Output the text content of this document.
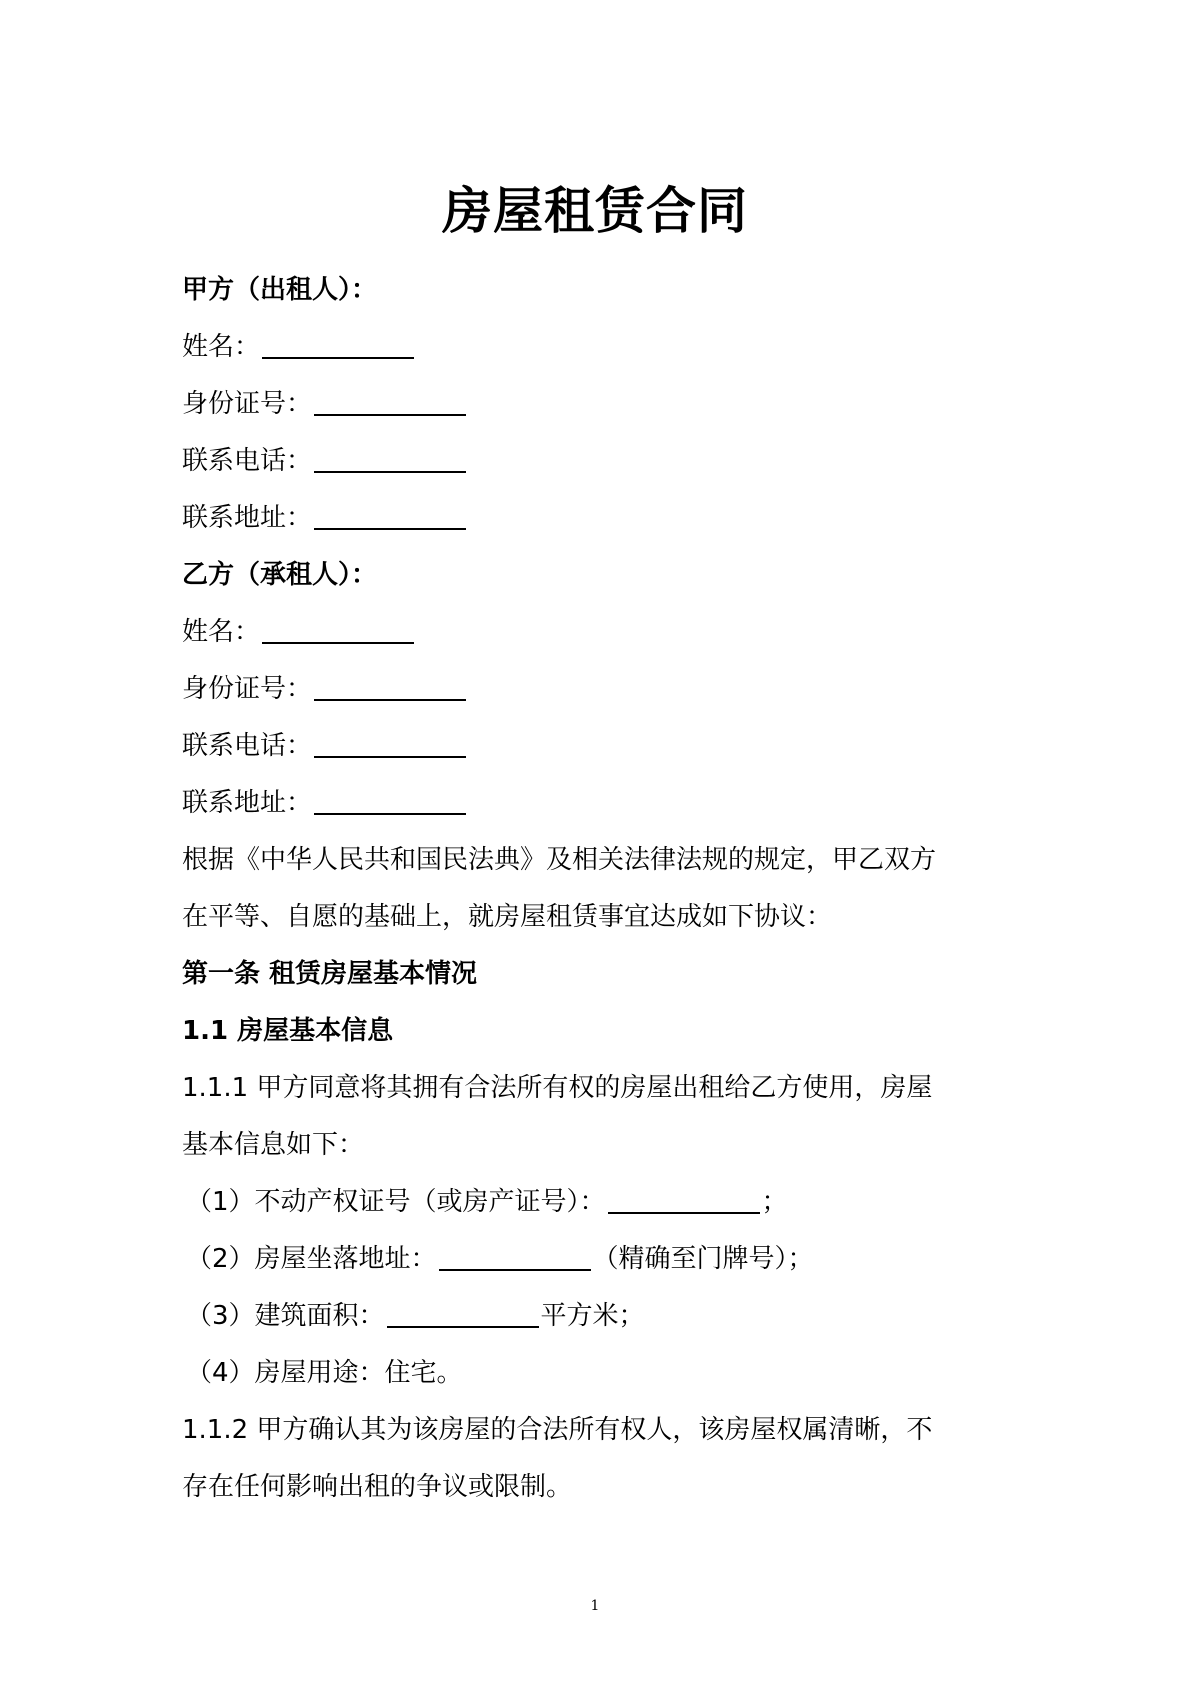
房屋租赁合同
甲方（出租人）：
姓名：
身份证号：
联系电话：
联系地址：
乙方（承租人）：
姓名：
身份证号：
联系电话：
联系地址：
根据《中华人民共和国民法典》及相关法律法规的规定，甲乙双方
在平等、自愿的基础上，就房屋租赁事宜达成如下协议：
第一条 租赁房屋基本情况
1.1 房屋基本信息
1.1.1 甲方同意将其拥有合法所有权的房屋出租给乙方使用，房屋
基本信息如下：
（1）不动产权证号（或房产证号）：	；
（2）房屋坐落地址：	（精确至门牌号）；
（3）建筑面积：	平方米；
（4）房屋用途：住宅。
1.1.2 甲方确认其为该房屋的合法所有权人，该房屋权属清晰，不
存在任何影响出租的争议或限制。
1
